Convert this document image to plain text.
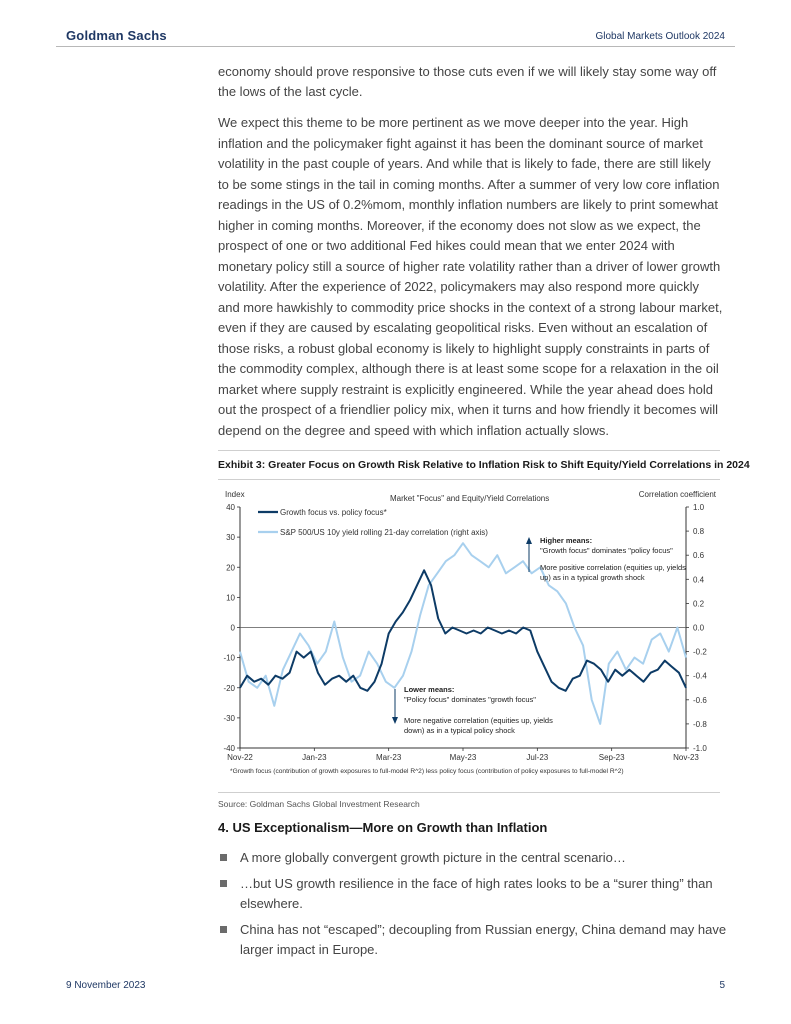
Goldman Sachs	Global Markets Outlook 2024

economy should prove responsive to those cuts even if we will likely stay some way off the lows of the last cycle.

We expect this theme to be more pertinent as we move deeper into the year. High inflation and the policymaker fight against it has been the dominant source of market volatility in the past couple of years. And while that is likely to fade, there are still likely to be some stings in the tail in coming months. After a summer of very low core inflation readings in the US of 0.2%mom, monthly inflation numbers are likely to print somewhat higher in coming months. Moreover, if the economy does not slow as we expect, the prospect of one or two additional Fed hikes could mean that we enter 2024 with monetary policy still a source of higher rate volatility rather than a driver of lower growth volatility. After the experience of 2022, policymakers may also respond more quickly and more hawkishly to commodity price shocks in the context of a strong labour market, even if they are caused by escalating geopolitical risks. Even without an escalation of those risks, a robust global economy is likely to highlight supply constraints in parts of the commodity complex, although there is at least some scope for a relaxation in the oil market where supply restraint is explicitly engineered. While the year ahead does hold out the prospect of a friendlier policy mix, when it turns and how friendly it becomes will depend on the degree and speed with which inflation actually slows.

Exhibit 3: Greater Focus on Growth Risk Relative to Inflation Risk to Shift Equity/Yield Correlations in 2024
Index	Market "Focus" and Equity/Yield Correlations	Correlation coefficient
40
30
20
10
0
-10
-20
-30
-40
1.0
0.8
0.6
0.4
0.2
0.0
-0.2
-0.4
-0.6
-0.8
-1.0
Nov-22	Jan-23	Mar-23	May-23	Jul-23	Sep-23	Nov-23
Growth focus vs. policy focus*
S&P 500/US 10y yield rolling 21-day correlation (right axis)
Higher means:
"Growth focus" dominates "policy focus"
More positive correlation (equities up, yields
up) as in a typical growth shock
Lower means:
"Policy focus" dominates "growth focus"
More negative correlation (equities up, yields
down) as in a typical policy shock
*Growth focus (contribution of growth exposures to full-model R^2) less policy focus (contribution of policy exposures to full-model R^2)
Source: Goldman Sachs Global Investment Research
4. US Exceptionalism—More on Growth than Inflation
A more globally convergent growth picture in the central scenario…
…but US growth resilience in the face of high rates looks to be a “surer thing” than elsewhere.
China has not “escaped”; decoupling from Russian energy, China demand may have larger impact in Europe.
9 November 2023	5
